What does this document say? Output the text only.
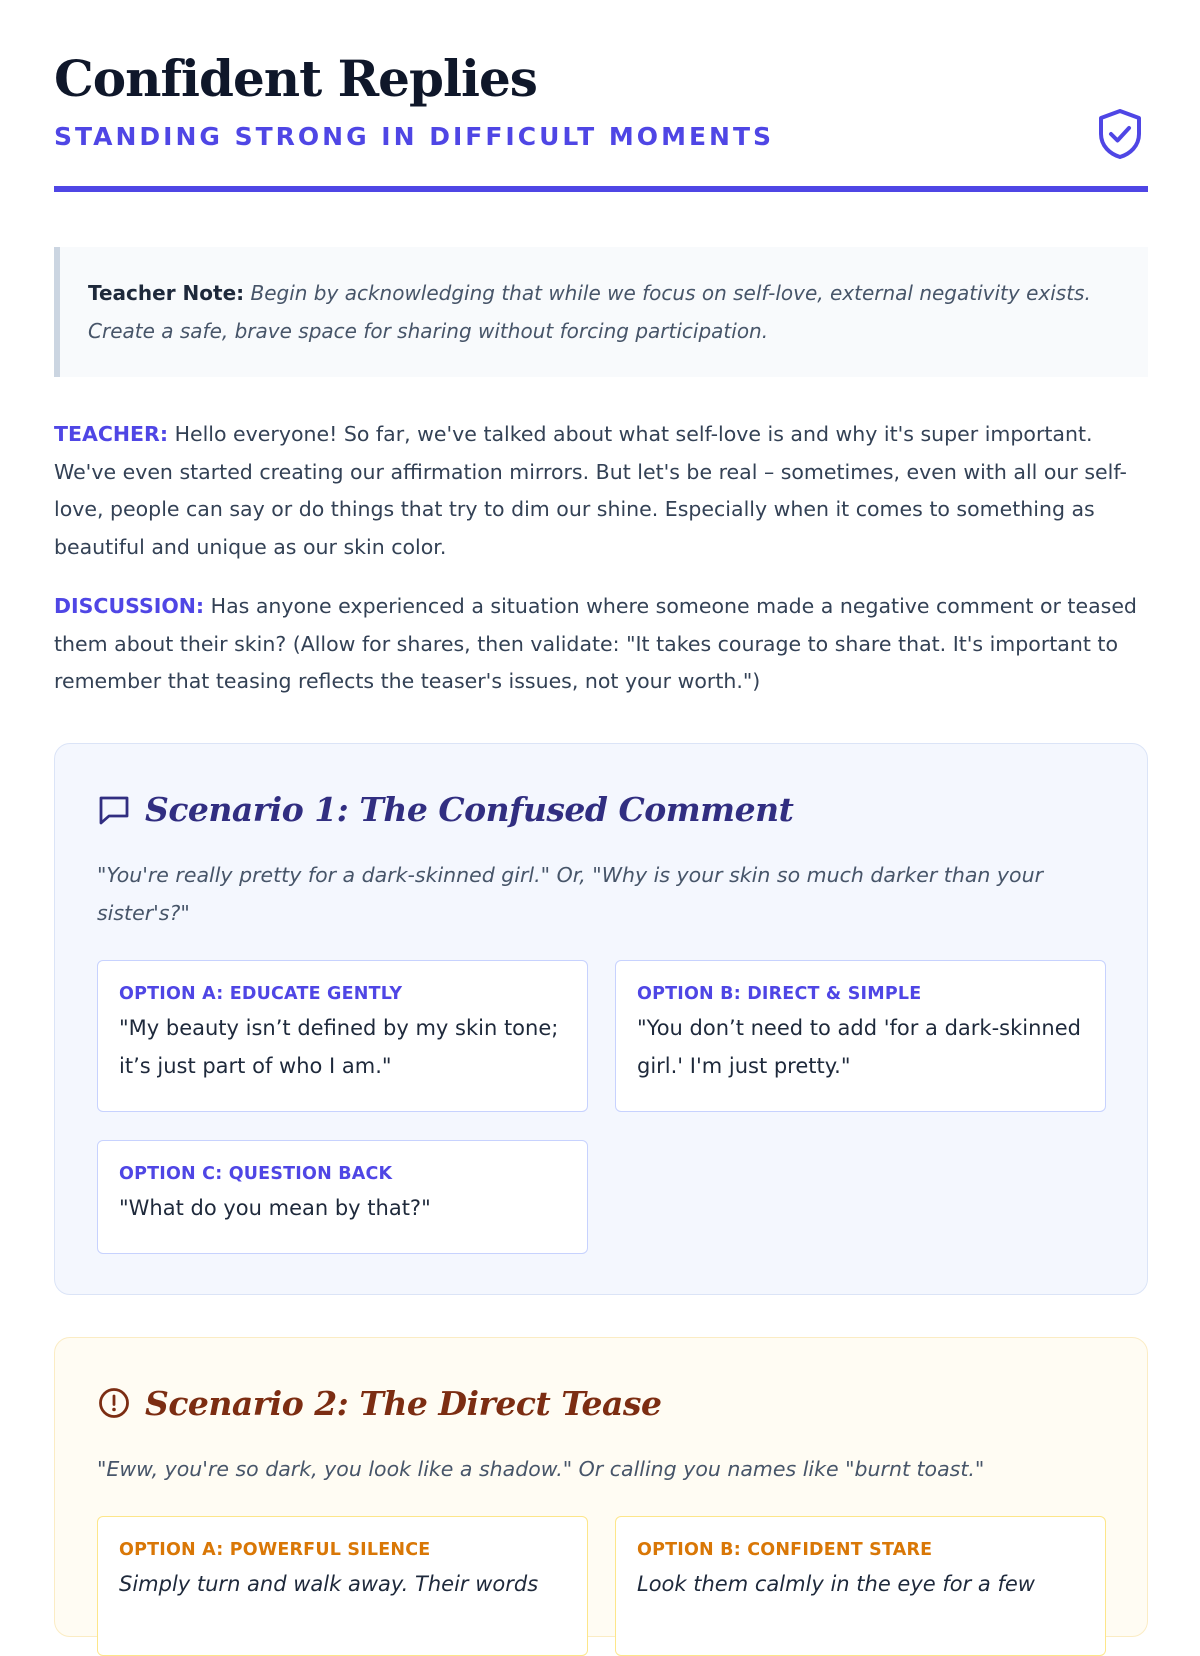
Confident Replies
STANDING STRONG IN DIFFICULT MOMENTS
Teacher Note: Begin by acknowledging that while we focus on self-love, external negativity exists. Create a safe, brave space for sharing without forcing participation.
TEACHER: Hello everyone! So far, we've talked about what self-love is and why it's super important. We've even started creating our affirmation mirrors. But let's be real – sometimes, even with all our self-love, people can say or do things that try to dim our shine. Especially when it comes to something as beautiful and unique as our skin color.
DISCUSSION: Has anyone experienced a situation where someone made a negative comment or teased them about their skin? (Allow for shares, then validate: "It takes courage to share that. It's important to remember that teasing reflects the teaser's issues, not your worth.")
Scenario 1: The Confused Comment
"You're really pretty for a dark-skinned girl." Or, "Why is your skin so much darker than your sister's?"
OPTION A: EDUCATE GENTLY
"My beauty isn’t defined by my skin tone; it’s just part of who I am."
OPTION B: DIRECT & SIMPLE
"You don’t need to add 'for a dark-skinned girl.' I'm just pretty."
OPTION C: QUESTION BACK
"What do you mean by that?"
Scenario 2: The Direct Tease
"Eww, you're so dark, you look like a shadow." Or calling you names like "burnt toast."
OPTION A: POWERFUL SILENCE
Simply turn and walk away. Their words
OPTION B: CONFIDENT STARE
Look them calmly in the eye for a few
